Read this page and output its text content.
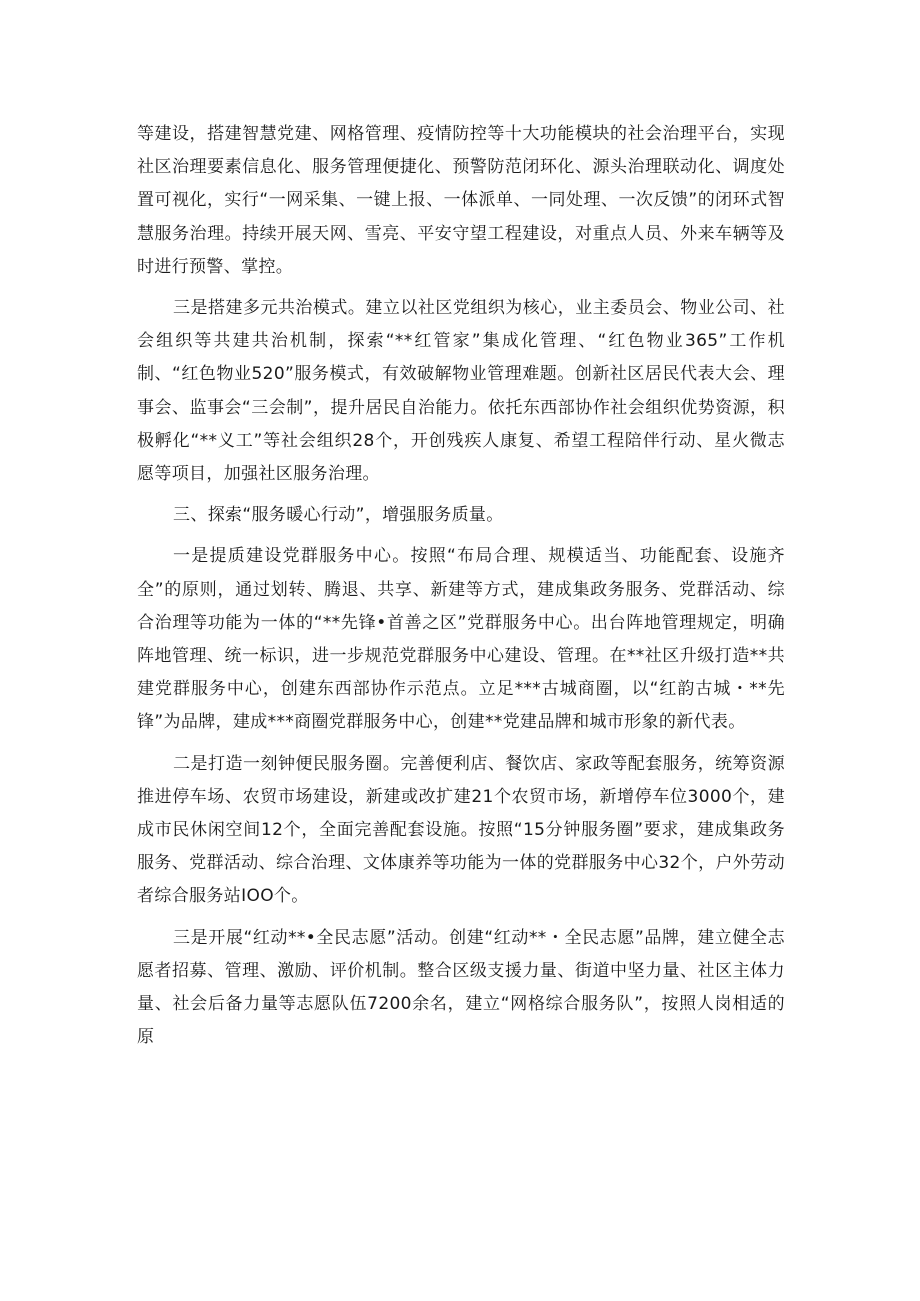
等建设，搭建智慧党建、网格管理、疫情防控等十大功能模块的社会治理平台，实现社区治理要素信息化、服务管理便捷化、预警防范闭环化、源头治理联动化、调度处置可视化，实行“一网采集、一键上报、一体派单、一同处理、一次反馈”的闭环式智慧服务治理。持续开展天网、雪亮、平安守望工程建设，对重点人员、外来车辆等及时进行预警、掌控。

三是搭建多元共治模式。建立以社区党组织为核心，业主委员会、物业公司、社会组织等共建共治机制，探索“**红管家”集成化管理、“红色物业365”工作机制、“红色物业520”服务模式，有效破解物业管理难题。创新社区居民代表大会、理事会、监事会“三会制”，提升居民自治能力。依托东西部协作社会组织优势资源，积极孵化“**义工”等社会组织28个，开创残疾人康复、希望工程陪伴行动、星火微志愿等项目，加强社区服务治理。

三、探索“服务暖心行动”，增强服务质量。

一是提质建设党群服务中心。按照“布局合理、规模适当、功能配套、设施齐全”的原则，通过划转、腾退、共享、新建等方式，建成集政务服务、党群活动、综合治理等功能为一体的“**先锋•首善之区”党群服务中心。出台阵地管理规定，明确阵地管理、统一标识，进一步规范党群服务中心建设、管理。在**社区升级打造**共建党群服务中心，创建东西部协作示范点。立足***古城商圈，以“红韵古城・**先锋”为品牌，建成***商圈党群服务中心，创建**党建品牌和城市形象的新代表。

二是打造一刻钟便民服务圈。完善便利店、餐饮店、家政等配套服务，统筹资源推进停车场、农贸市场建设，新建或改扩建21个农贸市场，新增停车位3000个，建成市民休闲空间12个，全面完善配套设施。按照“15分钟服务圈”要求，建成集政务服务、党群活动、综合治理、文体康养等功能为一体的党群服务中心32个，户外劳动者综合服务站IOO个。

三是开展“红动**•全民志愿”活动。创建“红动**・全民志愿”品牌，建立健全志愿者招募、管理、激励、评价机制。整合区级支援力量、街道中坚力量、社区主体力量、社会后备力量等志愿队伍7200余名，建立“网格综合服务队”，按照人岗相适的原
